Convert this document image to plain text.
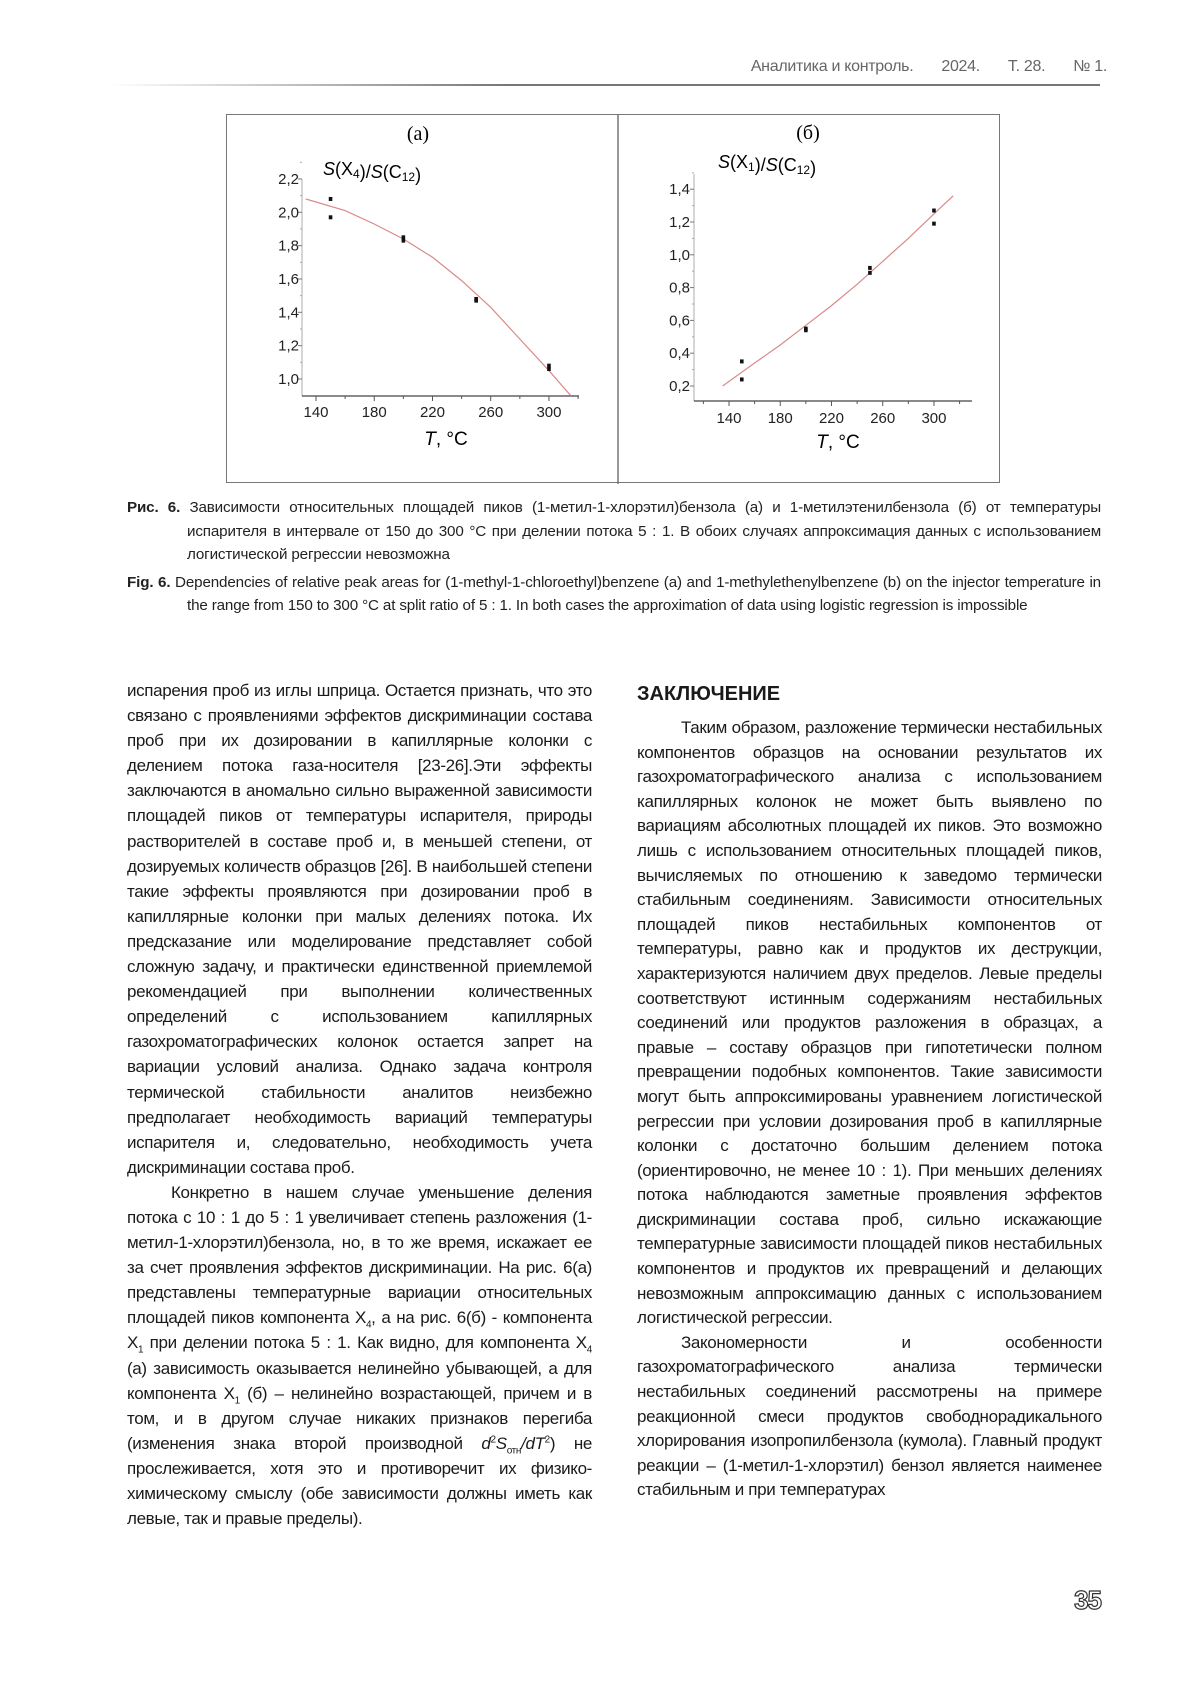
Аналитика и контроль. 2024. Т. 28. № 1.
(a)
S(X4)/S(C12)
T, °C
140 180 220 260 300
1,0
1,2
1,4
1,6
1,8
2,0
2,2
(б)
S(X1)/S(C12)
T, °C
140 180 220 260 300
0,2
0,4
0,6
0,8
1,0
1,2
1,4

Рис. 6. Зависимости относительных площадей пиков (1-метил-1-хлорэтил)бензола (а) и 1-метилэтенилбензола (б) от температуры испарителя в интервале от 150 до 300 °С при делении потока 5 : 1. В обоих случаях аппроксимация данных с использованием логистической регрессии невозможна

Fig. 6. Dependencies of relative peak areas for (1-methyl-1-chloroethyl)benzene (a) and 1-methylethenylbenzene (b) on the injector temperature in the range from 150 to 300 °C at split ratio of 5 : 1. In both cases the approximation of data using logistic regression is impossible

испарения проб из иглы шприца. Остается признать, что это связано с проявлениями эффектов дискриминации состава проб при их дозировании в капиллярные колонки с делением потока газа-носителя [23-26].Эти эффекты заключаются в аномально сильно выраженной зависимости площадей пиков от температуры испарителя, природы растворителей в составе проб и, в меньшей степени, от дозируемых количеств образцов [26]. В наибольшей степени такие эффекты проявляются при дозировании проб в капиллярные колонки при малых делениях потока. Их предсказание или моделирование представляет собой сложную задачу, и практически единственной приемлемой рекомендацией при выполнении количественных определений с использованием капиллярных газохроматографических колонок остается запрет на вариации условий анализа. Однако задача контроля термической стабильности аналитов неизбежно предполагает необходимость вариаций температуры испарителя и, следовательно, необходимость учета дискриминации состава проб.

Конкретно в нашем случае уменьшение деления потока с 10 : 1 до 5 : 1 увеличивает степень разложения (1-метил-1-хлорэтил)бензола, но, в то же время, искажает ее за счет проявления эффектов дискриминации. На рис. 6(а) представлены температурные вариации относительных площадей пиков компонента X4, а на рис. 6(б) - компонента X1 при делении потока 5 : 1. Как видно, для компонента X4 (а) зависимость оказывается нелинейно убывающей, а для компонента X1 (б) – нелинейно возрастающей, причем и в том, и в другом случае никаких признаков перегиба (изменения знака второй производной d2Sотн/dT2) не прослеживается, хотя это и противоречит их физико-химическому смыслу (обе зависимости должны иметь как левые, так и правые пределы).

ЗАКЛЮЧЕНИЕ

Таким образом, разложение термически нестабильных компонентов образцов на основании результатов их газохроматографического анализа с использованием капиллярных колонок не может быть выявлено по вариациям абсолютных площадей их пиков. Это возможно лишь с использованием относительных площадей пиков, вычисляемых по отношению к заведомо термически стабильным соединениям. Зависимости относительных площадей пиков нестабильных компонентов от температуры, равно как и продуктов их деструкции, характеризуются наличием двух пределов. Левые пределы соответствуют истинным содержаниям нестабильных соединений или продуктов разложения в образцах, а правые – составу образцов при гипотетически полном превращении подобных компонентов. Такие зависимости могут быть аппроксимированы уравнением логистической регрессии при условии дозирования проб в капиллярные колонки с достаточно большим делением потока (ориентировочно, не менее 10 : 1). При меньших делениях потока наблюдаются заметные проявления эффектов дискриминации состава проб, сильно искажающие температурные зависимости площадей пиков нестабильных компонентов и продуктов их превращений и делающих невозможным аппроксимацию данных с использованием логистической регрессии.

Закономерности и особенности газохроматографического анализа термически нестабильных соединений рассмотрены на примере реакционной смеси продуктов свободнорадикального хлорирования изопропилбензола (кумола). Главный продукт реакции – (1-метил-1-хлорэтил) бензол является наименее стабильным и при температурах

35
